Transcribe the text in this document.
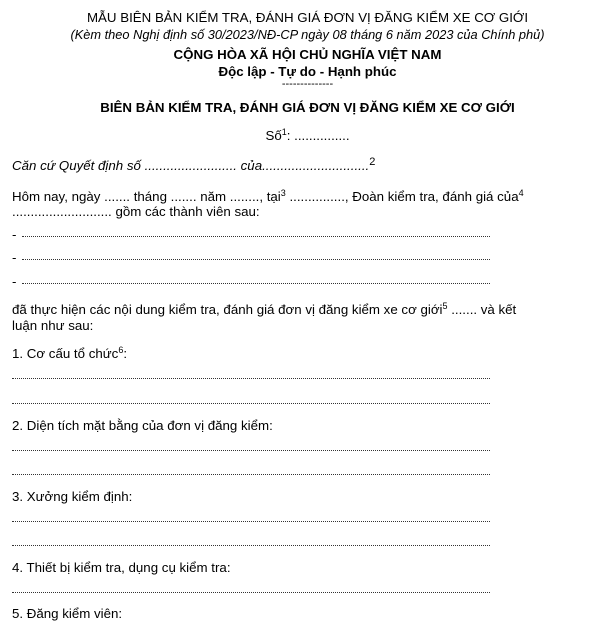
MẪU BIÊN BẢN KIỂM TRA, ĐÁNH GIÁ ĐƠN VỊ ĐĂNG KIỂM XE CƠ GIỚI
(Kèm theo Nghị định số 30/2023/NĐ-CP ngày 08 tháng 6 năm 2023 của Chính phủ)
CỘNG HÒA XÃ HỘI CHỦ NGHĨA VIỆT NAM
Độc lập - Tự do - Hạnh phúc
--------------
BIÊN BẢN KIỂM TRA, ĐÁNH GIÁ ĐƠN VỊ ĐĂNG KIỂM XE CƠ GIỚI
Số$^1$: ...............
Căn cứ Quyết định số ......................... của.............................$^2$
Hôm nay, ngày ....... tháng ....... năm ........, tại$^3$ ..............., Đoàn kiểm tra, đánh giá của$^4$
........................... gồm các thành viên sau:
-
-
-
đã thực hiện các nội dung kiểm tra, đánh giá đơn vị đăng kiểm xe cơ giới$^5$ ....... và kết
luận như sau:
1. Cơ cấu tổ chức$^6$:
2. Diện tích mặt bằng của đơn vị đăng kiểm:
3. Xưởng kiểm định:
4. Thiết bị kiểm tra, dụng cụ kiểm tra:
5. Đăng kiểm viên:
